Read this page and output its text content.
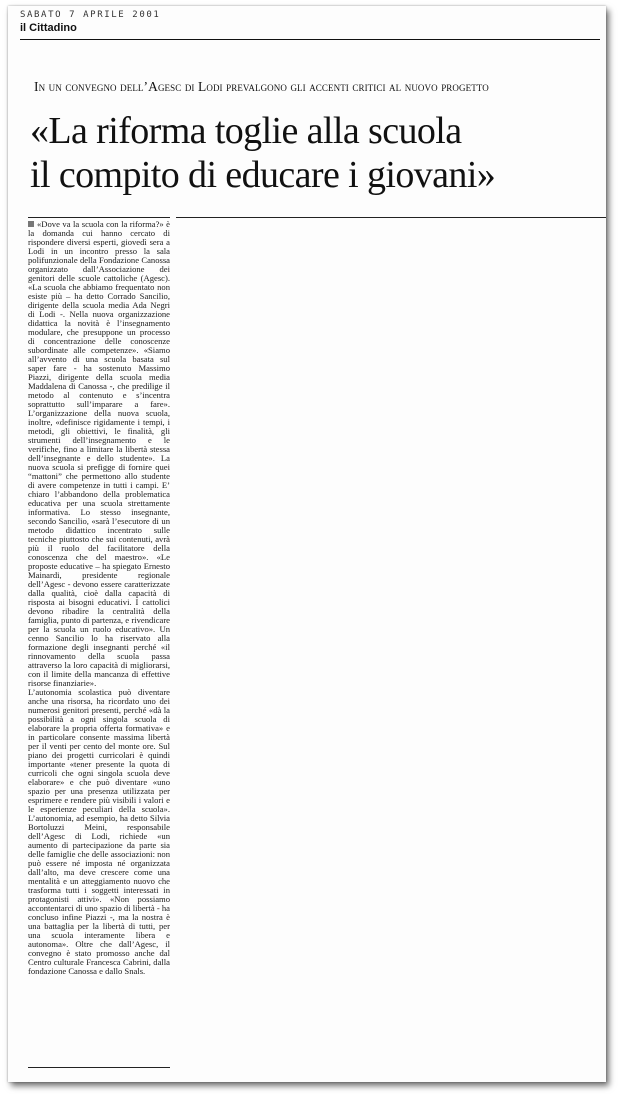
SABATO 7 APRILE 2001
il Cittadino
In un convegno dell’Agesc di Lodi prevalgono gli accenti critici al nuovo progetto
«La riforma toglie alla scuola
il compito di educare i giovani»

«Dove va la scuola con la riforma?» è la domanda cui hanno cercato di rispondere diversi esperti, giovedì sera a Lodi in un incontro presso la sala polifunzionale della Fondazione Canossa organizzato dall’Associazione dei genitori delle scuole cattoliche (Agesc). «La scuola che abbiamo frequentato non esiste più – ha detto Corrado Sancilio, dirigente della scuola media Ada Negri di Lodi -. Nella nuova organizzazione didattica la novità è l’insegnamento modulare, che presuppone un processo di concentrazione delle conoscenze subordinate alle competenze». «Siamo all’avvento di una scuola basata sul saper fare - ha sostenuto Massimo Piazzi, dirigente della scuola media Maddalena di Canossa -, che predilige il metodo al contenuto e s’incentra soprattutto sull’imparare a fare». L’organizzazione della nuova scuola, inoltre, «definisce rigidamente i tempi, i metodi, gli obiettivi, le finalità, gli strumenti dell’insegnamento e le verifiche, fino a limitare la libertà stessa dell’insegnante e dello studente». La nuova scuola si prefigge di fornire quei “mattoni” che permettono allo studente di avere competenze in tutti i campi. E’ chiaro l’abbandono della problematica educativa per una scuola strettamente informativa. Lo stesso insegnante, secondo Sancilio, «sarà l’esecutore di un metodo didattico incentrato sulle tecniche piuttosto che sui contenuti, avrà più il ruolo del facilitatore della conoscenza che del maestro». «Le proposte educative – ha spiegato Ernesto Mainardi, presidente regionale dell’Agesc - devono essere caratterizzate dalla qualità, cioè dalla capacità di risposta ai bisogni educativi. I cattolici devono ribadire la centralità della famiglia, punto di partenza, e rivendicare per la scuola un ruolo educativo». Un cenno Sancilio lo ha riservato alla formazione degli insegnanti perché «il rinnovamento della scuola passa attraverso la loro capacità di migliorarsi, con il limite della mancanza di effettive risorse finanziarie».

L’autonomia scolastica può diventare anche una risorsa, ha ricordato uno dei numerosi genitori presenti, perché «dà la possibilità a ogni singola scuola di elaborare la propria offerta formativa» e in particolare consente massima libertà per il venti per cento del monte ore. Sul piano dei progetti curricolari è quindi importante «tener presente la quota di curricoli che ogni singola scuola deve elaborare» e che può diventare «uno spazio per una presenza utilizzata per esprimere e rendere più visibili i valori e le esperienze peculiari della scuola». L’autonomia, ad esempio, ha detto Silvia Bortoluzzi Meini, responsabile dell’Agesc di Lodi, richiede «un aumento di partecipazione da parte sia delle famiglie che delle associazioni: non può essere né imposta né organizzata dall’alto, ma deve crescere come una mentalità e un atteggiamento nuovo che trasforma tutti i soggetti interessati in protagonisti attivi». «Non possiamo accontentarci di uno spazio di libertà - ha concluso infine Piazzi -, ma la nostra è una battaglia per la libertà di tutti, per una scuola interamente libera e autonoma». Oltre che dall’Agesc, il convegno è stato promosso anche dal Centro culturale Francesca Cabrini, dalla fondazione Canossa e dallo Snals.
